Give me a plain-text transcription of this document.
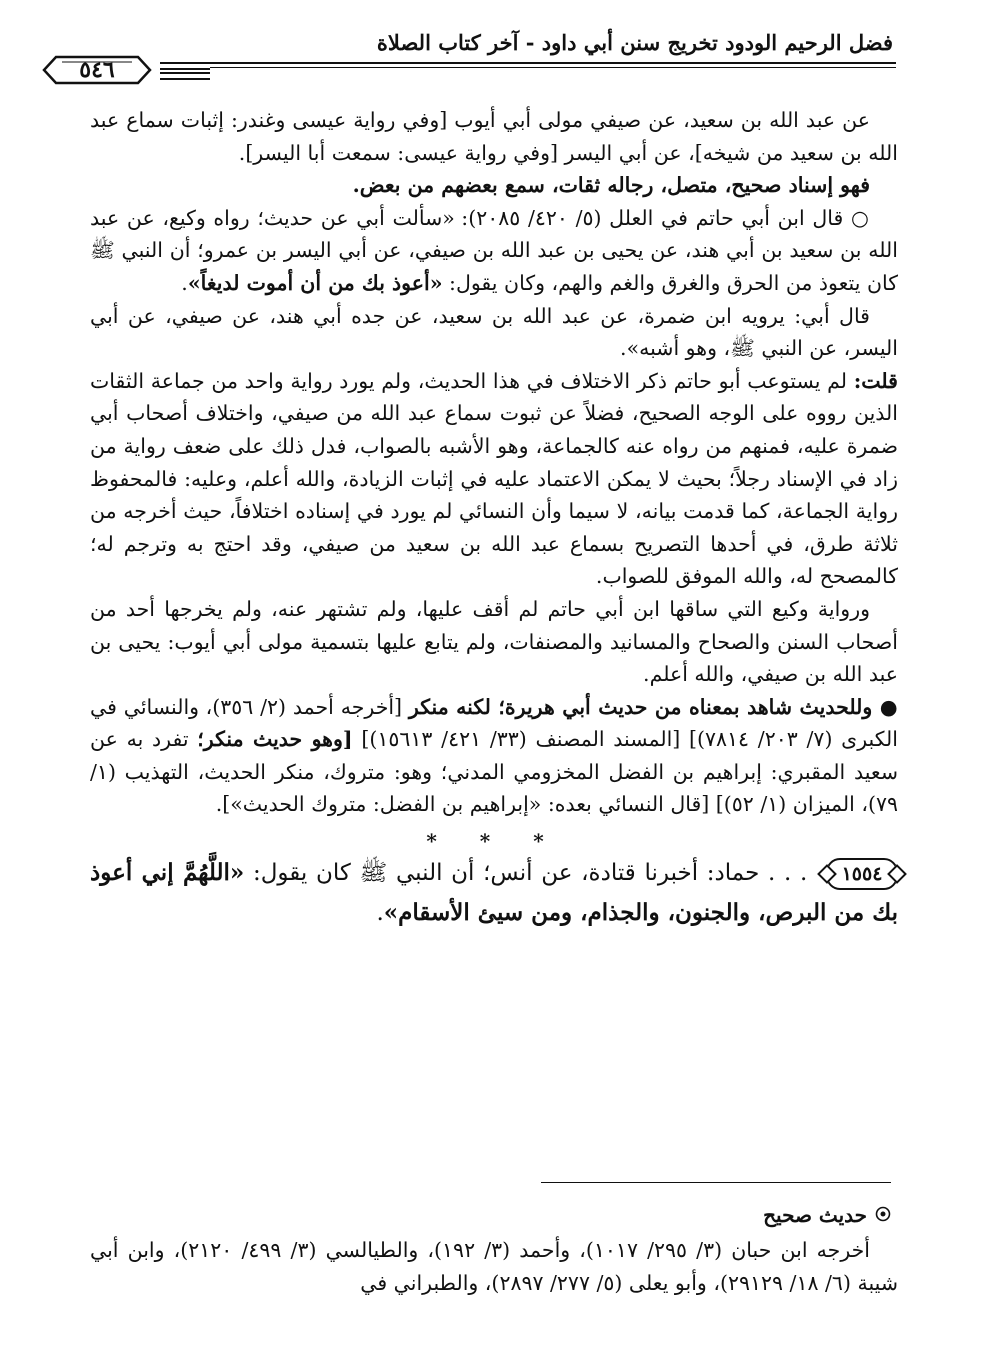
فضل الرحيم الودود تخريج سنن أبي داود - آخر كتاب الصلاة
٥٤٦

عن عبد الله بن سعيد، عن صيفي مولى أبي أيوب [وفي رواية عيسى وغندر: إثبات سماع عبد الله بن سعيد من شيخه]، عن أبي اليسر [وفي رواية عيسى: سمعت أبا اليسر].

فهو إسناد صحيح، متصل، رجاله ثقات، سمع بعضهم من بعض.

○ قال ابن أبي حاتم في العلل (٥/ ٤٢٠/ ٢٠٨٥): «سألت أبي عن حديث؛ رواه وكيع، عن عبد الله بن سعيد بن أبي هند، عن يحيى بن عبد الله بن صيفي، عن أبي اليسر بن عمرو؛ أن النبي ﷺ كان يتعوذ من الحرق والغرق والغم والهم، وكان يقول: «أعوذ بك من أن أموت لديغاً».

قال أبي: يرويه ابن ضمرة، عن عبد الله بن سعيد، عن جده أبي هند، عن صيفي، عن أبي اليسر، عن النبي ﷺ، وهو أشبه».

قلت: لم يستوعب أبو حاتم ذكر الاختلاف في هذا الحديث، ولم يورد رواية واحد من جماعة الثقات الذين رووه على الوجه الصحيح، فضلاً عن ثبوت سماع عبد الله من صيفي، واختلاف أصحاب أبي ضمرة عليه، فمنهم من رواه عنه كالجماعة، وهو الأشبه بالصواب، فدل ذلك على ضعف رواية من زاد في الإسناد رجلاً؛ بحيث لا يمكن الاعتماد عليه في إثبات الزيادة، والله أعلم، وعليه: فالمحفوظ رواية الجماعة، كما قدمت بيانه، لا سيما وأن النسائي لم يورد في إسناده اختلافاً، حيث أخرجه من ثلاثة طرق، في أحدها التصريح بسماع عبد الله بن سعيد من صيفي، وقد احتج به وترجم له؛ كالمصحح له، والله الموفق للصواب.

ورواية وكيع التي ساقها ابن أبي حاتم لم أقف عليها، ولم تشتهر عنه، ولم يخرجها أحد من أصحاب السنن والصحاح والمسانيد والمصنفات، ولم يتابع عليها بتسمية مولى أبي أيوب: يحيى بن عبد الله بن صيفي، والله أعلم.

● وللحديث شاهد بمعناه من حديث أبي هريرة؛ لكنه منكر [أخرجه أحمد (٢/ ٣٥٦)، والنسائي في الكبرى (٧/ ٢٠٣/ ٧٨١٤)] [المسند المصنف (٣٣/ ٤٢١/ ١٥٦١٣)] [وهو حديث منكر؛ تفرد به عن سعيد المقبري: إبراهيم بن الفضل المخزومي المدني؛ وهو: متروك، منكر الحديث، التهذيب (١/ ٧٩)، الميزان (١/ ٥٢)] [قال النسائي بعده: «إبراهيم بن الفضل: متروك الحديث»].

* * *

١٥٥٤ . . . حماد: أخبرنا قتادة، عن أنس؛ أن النبي ﷺ كان يقول: «اللَّهُمَّ إني أعوذ بك من البرص، والجنون، والجذام، ومن سيئ الأسقام».

حديث صحيح

أخرجه ابن حبان (٣/ ٢٩٥/ ١٠١٧)، وأحمد (٣/ ١٩٢)، والطيالسي (٣/ ٤٩٩/ ٢١٢٠)، وابن أبي شيبة (٦/ ١٨/ ٢٩١٢٩)، وأبو يعلى (٥/ ٢٧٧/ ٢٨٩٧)، والطبراني في
